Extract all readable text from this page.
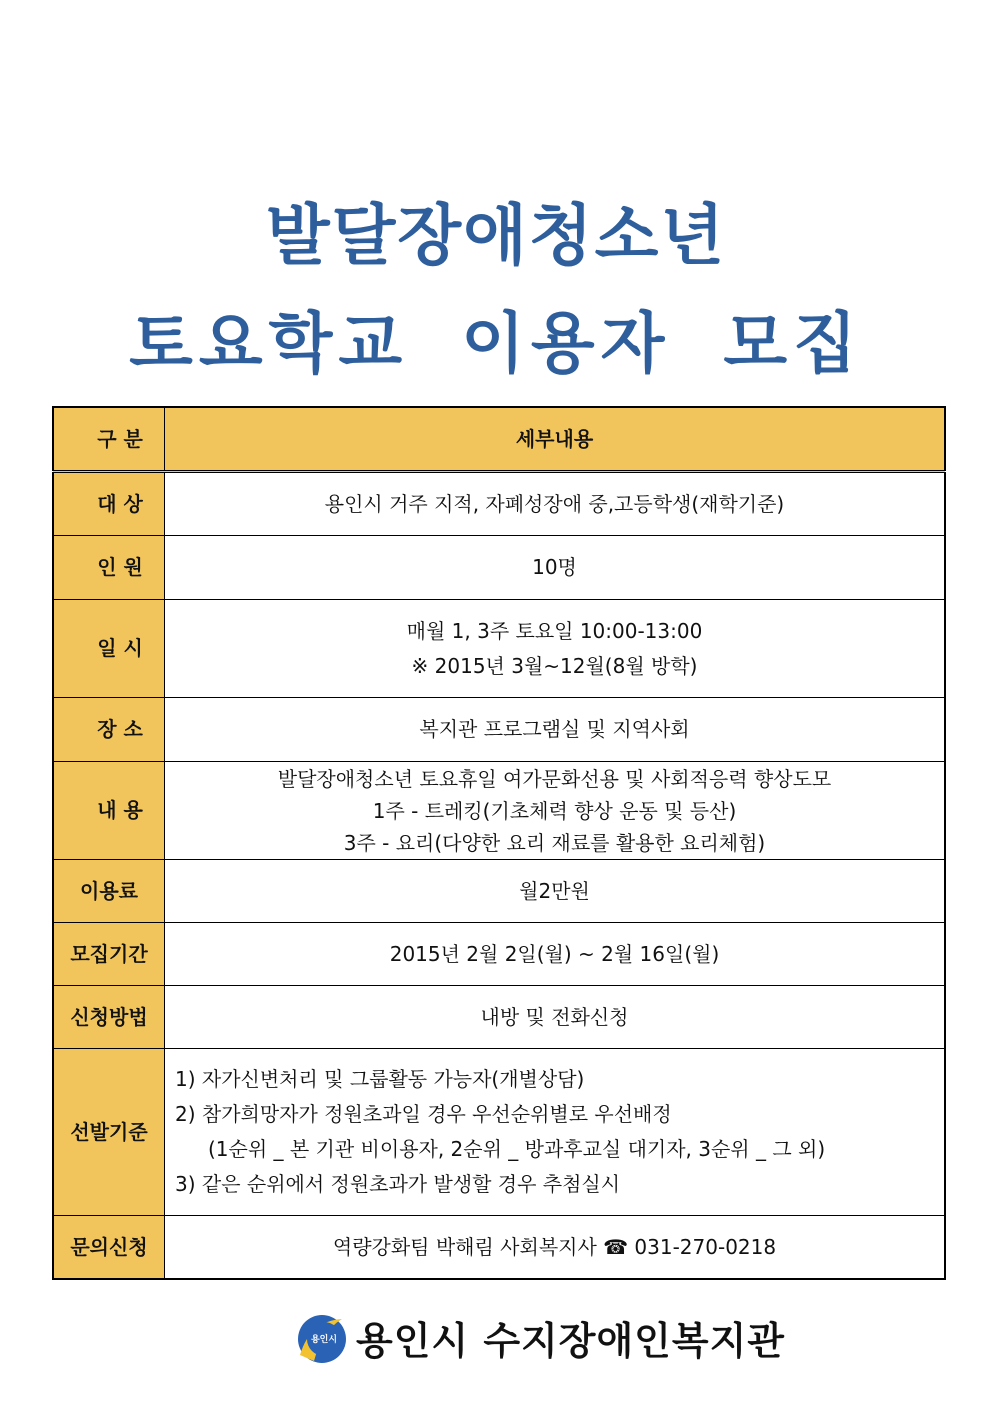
발달장애청소년
토요학교 이용자 모집
구 분	세부내용
대 상	용인시 거주 지적, 자폐성장애 중,고등학생(재학기준)

인 원	10명

일 시	매월 1, 3주 토요일 10:00-13:00
※ 2015년 3월~12월(8월 방학)

장 소	복지관 프로그램실 및 지역사회

내 용	발달장애청소년 토요휴일 여가문화선용 및 사회적응력 향상도모
1주 - 트레킹(기초체력 향상 운동 및 등산)
3주 - 요리(다양한 요리 재료를 활용한 요리체험)

이용료	월2만원

모집기간	2015년 2월 2일(월) ~ 2월 16일(월)

신청방법	내방 및 전화신청

선발기준	1) 자가신변처리 및 그룹활동 가능자(개별상담)
2) 참가희망자가 정원초과일 경우 우선순위별로 우선배정
(1순위 _ 본 기관 비이용자, 2순위 _ 방과후교실 대기자, 3순위 _ 그 외)
3) 같은 순위에서 정원초과가 발생할 경우 추첨실시

문의신청	역량강화팀 박해림 사회복지사 ☎ 031-270-0218
용인시 용인시 수지장애인복지관
